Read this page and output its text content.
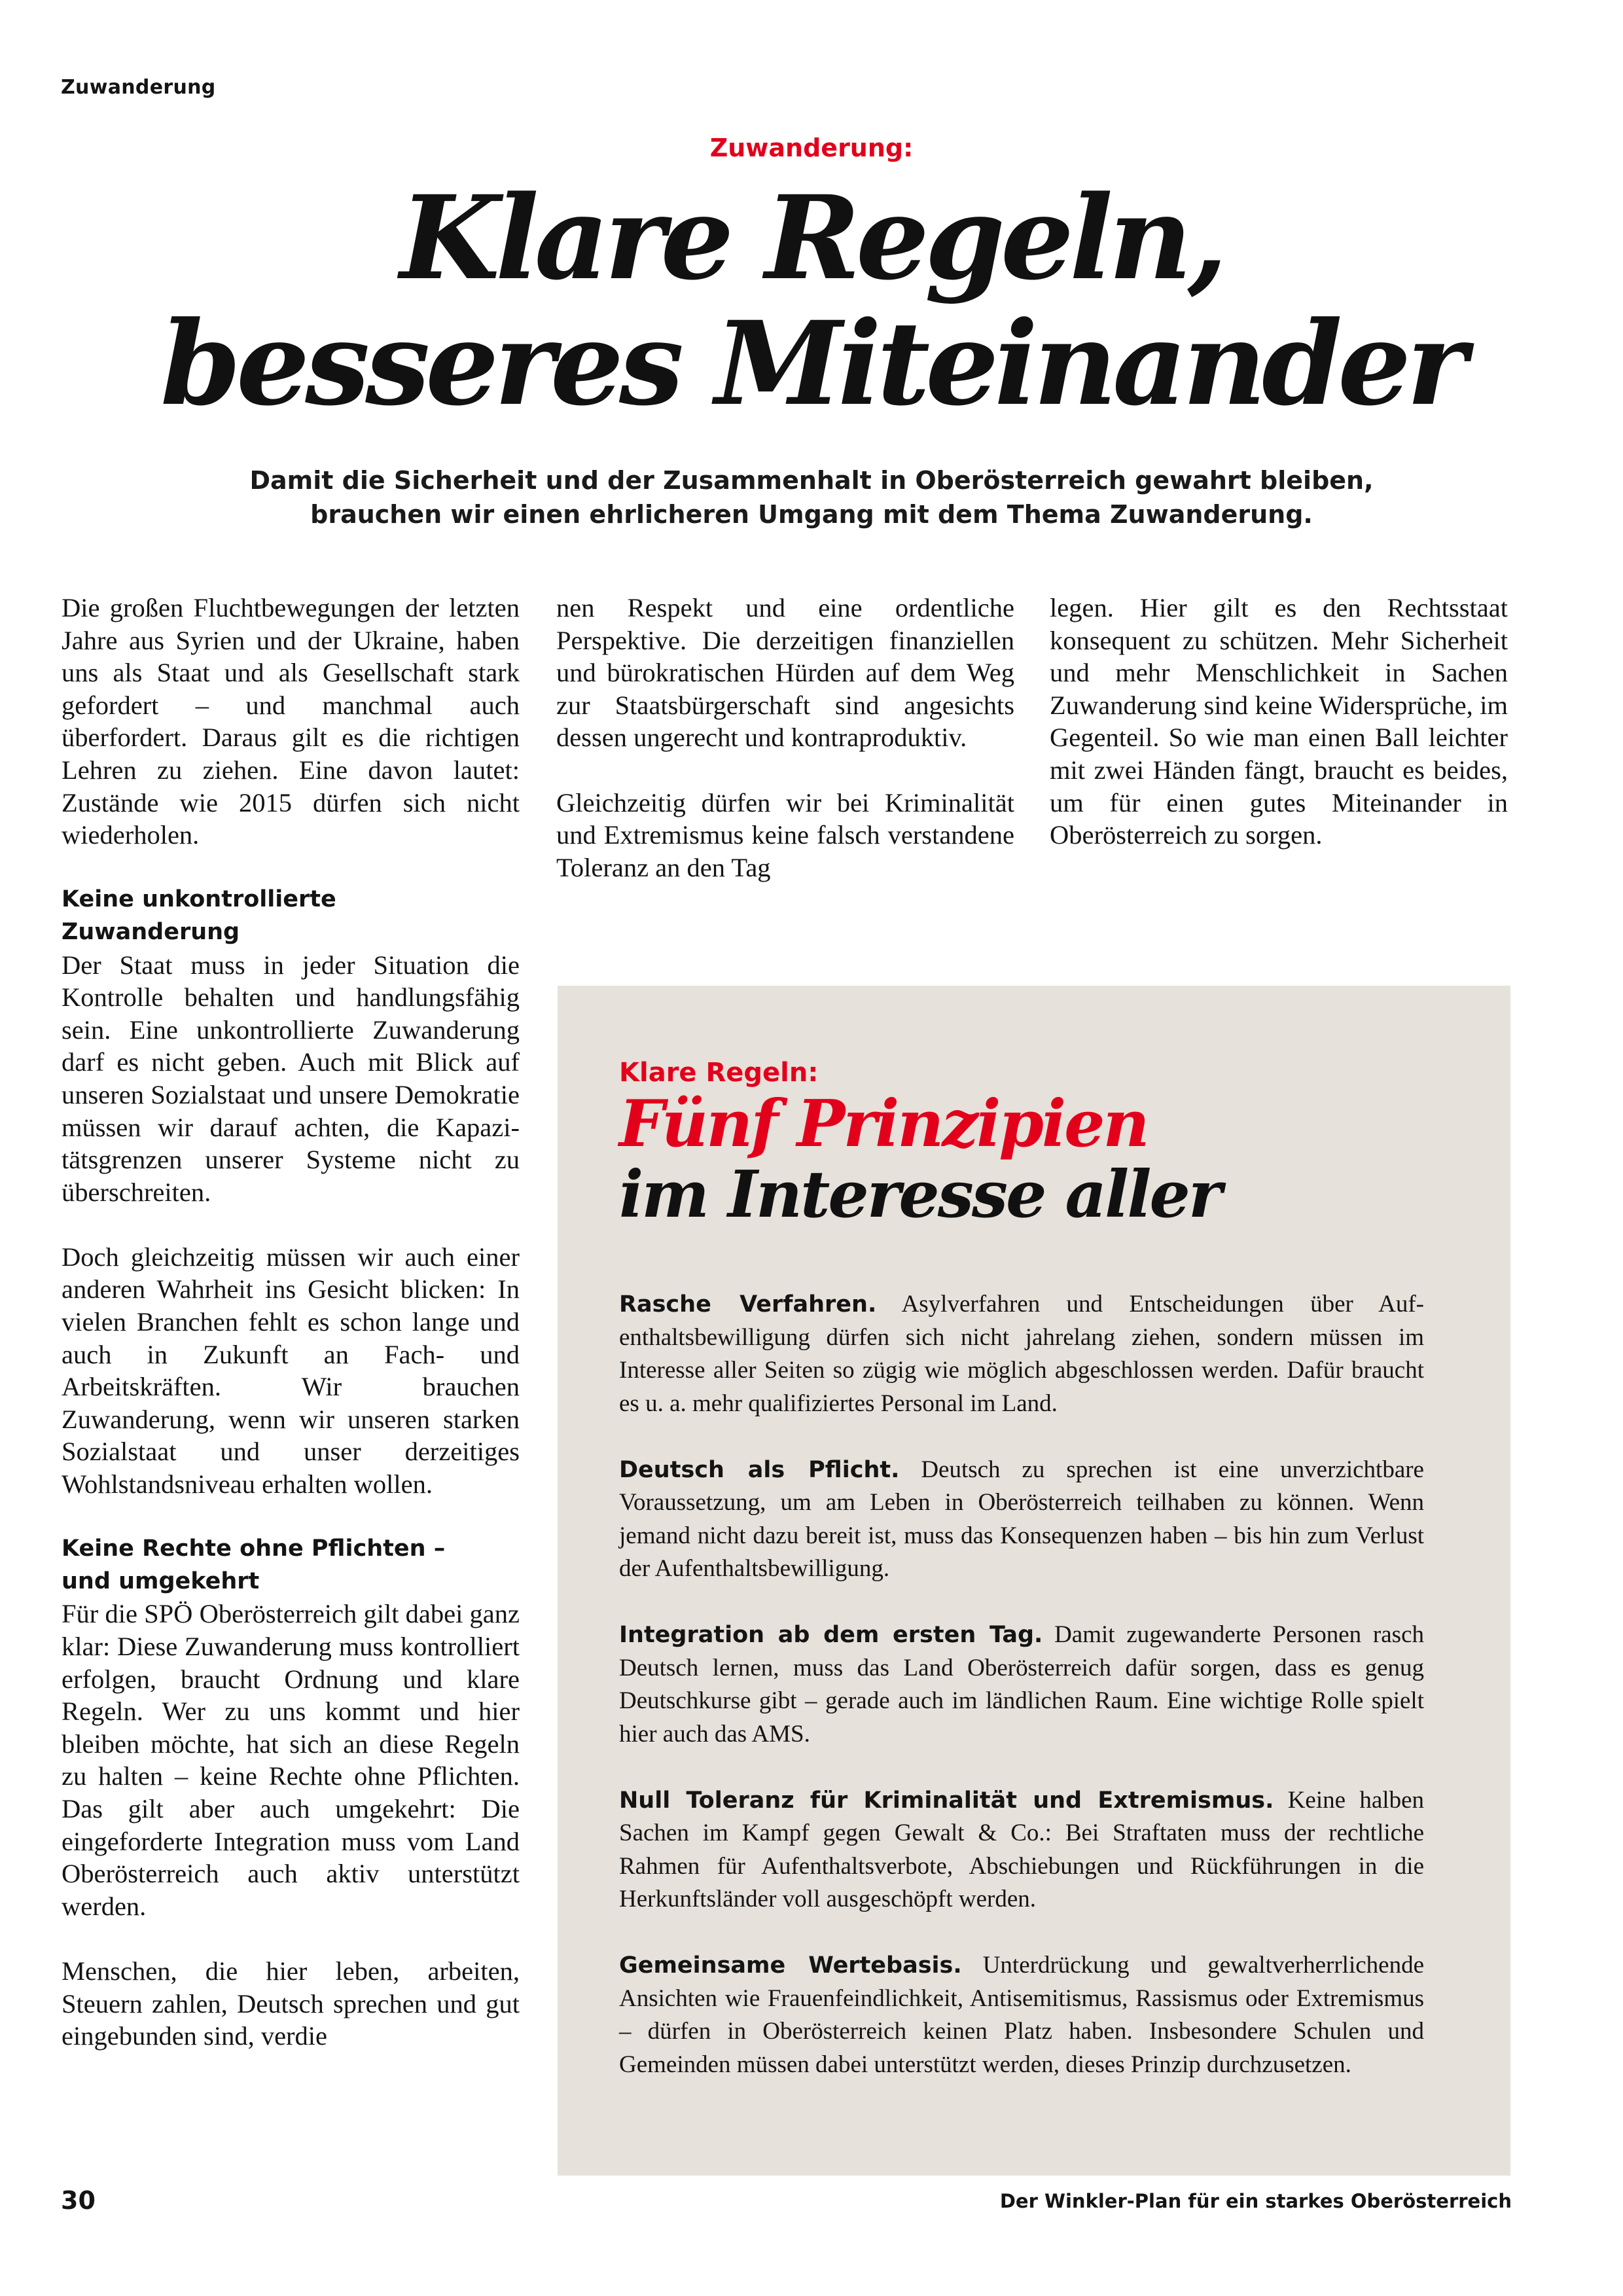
Zuwanderung
Zuwanderung:
Klare Regeln,
besseres Miteinander
Damit die Sicherheit und der Zusammenhalt in Oberösterreich gewahrt bleiben,
brauchen wir einen ehrlicheren Umgang mit dem Thema Zuwanderung.

Die großen Fluchtbewegungen der letzten Jahre aus Syrien und der Ukraine, haben uns als Staat und als Gesellschaft stark gefordert – und manchmal auch überfordert. Daraus gilt es die richtigen Lehren zu ziehen. Eine davon lautet: Zustände wie 2015 dürfen sich nicht wiederholen.

Keine unkontrollierte Zuwanderung

Der Staat muss in jeder Situation die Kontrolle behalten und handlungsfähig sein. Eine unkontrollierte Zuwanderung darf es nicht geben. Auch mit Blick auf unseren Sozialstaat und unsere Demokratie müssen wir darauf achten, die Kapazitätsgrenzen unserer Systeme nicht zu überschreiten.

Doch gleichzeitig müssen wir auch einer anderen Wahrheit ins Gesicht blicken: In vielen Branchen fehlt es schon lange und auch in Zukunft an Fach- und Arbeitskräften. Wir brauchen Zuwanderung, wenn wir unseren starken Sozialstaat und unser derzeitiges Wohlstandsniveau erhalten wollen.

Keine Rechte ohne Pflichten –
und umgekehrt

Für die SPÖ Oberösterreich gilt dabei ganz klar: Diese Zuwanderung muss kontrolliert erfolgen, braucht Ordnung und klare Regeln. Wer zu uns kommt und hier bleiben möchte, hat sich an diese Regeln zu halten – keine Rechte ohne Pflichten. Das gilt aber auch umgekehrt: Die eingeforderte Integration muss vom Land Oberösterreich auch aktiv unterstützt werden.

Menschen, die hier leben, arbeiten, Steuern zahlen, Deutsch sprechen und gut eingebunden sind, verdie

nen Respekt und eine ordentliche Perspektive. Die derzeitigen finanziellen und bürokratischen Hürden auf dem Weg zur Staatsbürgerschaft sind angesichts dessen ungerecht und kontraproduktiv.

Gleichzeitig dürfen wir bei Kriminalität und Extremismus keine falsch verstandene Toleranz an den Tag

legen. Hier gilt es den Rechtsstaat konsequent zu schützen. Mehr Sicherheit und mehr Menschlichkeit in Sachen Zuwanderung sind keine Widersprüche, im Gegenteil. So wie man einen Ball leichter mit zwei Händen fängt, braucht es beides, um für einen gutes Miteinander in Oberösterreich zu sorgen.

Klare Regeln:
Fünf Prinzipien
im Interesse aller

Rasche Verfahren. Asylverfahren und Entscheidungen über Aufenthaltsbewilligung dürfen sich nicht jahrelang ziehen, sondern müssen im Interesse aller Seiten so zügig wie möglich abgeschlossen werden. Dafür braucht es u. a. mehr qualifiziertes Personal im Land.

Deutsch als Pflicht. Deutsch zu sprechen ist eine unverzichtbare Voraussetzung, um am Leben in Oberösterreich teilhaben zu können. Wenn jemand nicht dazu bereit ist, muss das Konsequenzen haben – bis hin zum Verlust der Aufenthaltsbewilligung.

Integration ab dem ersten Tag. Damit zugewanderte Personen rasch Deutsch lernen, muss das Land Oberösterreich dafür sorgen, dass es genug Deutschkurse gibt – gerade auch im ländlichen Raum. Eine wichtige Rolle spielt hier auch das AMS.

Null Toleranz für Kriminalität und Extremismus. Keine halben Sachen im Kampf gegen Gewalt & Co.: Bei Straftaten muss der rechtliche Rahmen für Aufenthaltsverbote, Abschiebungen und Rückführungen in die Herkunftsländer voll ausgeschöpft werden.

Gemeinsame Wertebasis. Unterdrückung und gewaltverherrlichende Ansichten wie Frauenfeindlichkeit, Antisemitismus, Rassismus oder Extremismus – dürfen in Oberösterreich keinen Platz haben. Insbesondere Schulen und Gemeinden müssen dabei unterstützt werden, dieses Prinzip durchzusetzen.

30	Der Winkler-Plan für ein starkes Oberösterreich
